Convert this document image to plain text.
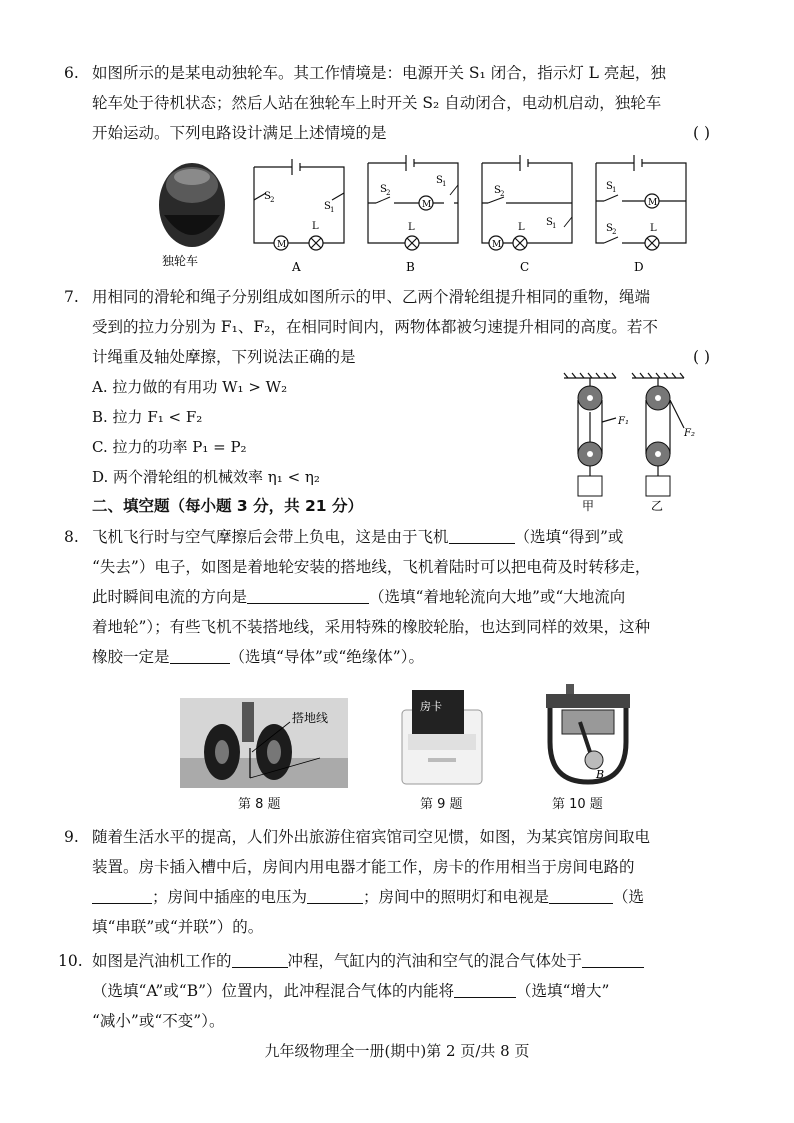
6. 如图所示的是某电动独轮车。其工作情境是：电源开关 S₁ 闭合，指示灯 L 亮起，独
轮车处于待机状态；然后人站在独轮车上时开关 S₂ 自动闭合，电动机启动，独轮车
开始运动。下列电路设计满足上述情境的是	( )
独轮车
M
S 2
S 1
L
A
M
S 2
S 1
L
B
M
S 2
S 1
L
C
M
S 1
S 2	L
D
7. 用相同的滑轮和绳子分别组成如图所示的甲、乙两个滑轮组提升相同的重物，绳端
受到的拉力分别为 F₁、F₂，在相同时间内，两物体都被匀速提升相同的高度。若不
计绳重及轴处摩擦，下列说法正确的是	( )
A. 拉力做的有用功 W₁ > W₂
B. 拉力 F₁ < F₂
C. 拉力的功率 P₁ = P₂
D. 两个滑轮组的机械效率 η₁ < η₂
F₁
F₂
甲	乙
二、填空题（每小题 3 分，共 21 分）
8. 飞机飞行时与空气摩擦后会带上负电，这是由于飞机	（选填“得到”或
“失去”）电子，如图是着地轮安装的搭地线，飞机着陆时可以把电荷及时转移走，
此时瞬间电流的方向是	（选填“着地轮流向大地”或“大地流向
着地轮”）；有些飞机不装搭地线，采用特殊的橡胶轮胎，也达到同样的效果，这种
橡胶一定是	（选填“导体”或“绝缘体”）。
搭地线
房卡
B
第 8 题	第 9 题	第 10 题
9. 随着生活水平的提高，人们外出旅游住宿宾馆司空见惯，如图，为某宾馆房间取电
装置。房卡插入槽中后，房间内用电器才能工作，房卡的作用相当于房间电路的
；房间中插座的电压为	；房间中的照明灯和电视是	（选
填“串联”或“并联”）的。
10. 如图是汽油机工作的	冲程，气缸内的汽油和空气的混合气体处于
（选填“A”或“B”）位置内，此冲程混合气体的内能将	（选填“增大”
“减小”或“不变”）。
九年级物理全一册(期中)第 2 页/共 8 页
